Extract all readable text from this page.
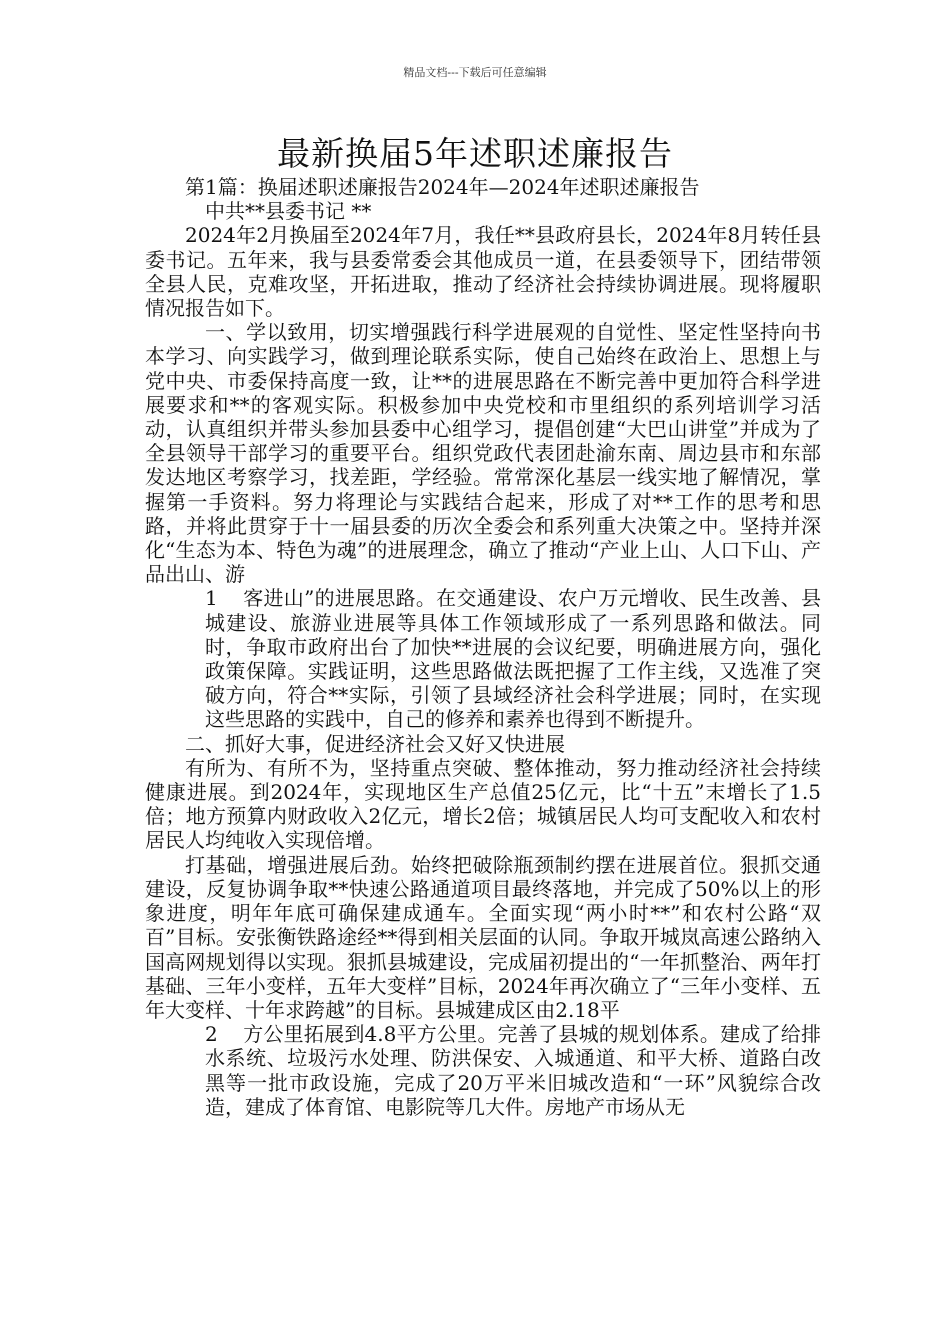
精品文档---下载后可任意编辑
最新换届5年述职述廉报告

第1篇：换届述职述廉报告2024年—2024年述职述廉报告

中共**县委书记 **

2024年2月换届至2024年7月，我任**县政府县长，2024年8月转任县委书记。五年来，我与县委常委会其他成员一道，在县委领导下，团结带领全县人民，克难攻坚，开拓进取，推动了经济社会持续协调进展。现将履职情况报告如下。

一、学以致用，切实增强践行科学进展观的自觉性、坚定性坚持向书本学习、向实践学习，做到理论联系实际，使自己始终在政治上、思想上与党中央、市委保持高度一致，让**的进展思路在不断完善中更加符合科学进展要求和**的客观实际。积极参加中央党校和市里组织的系列培训学习活动，认真组织并带头参加县委中心组学习，提倡创建“大巴山讲堂”并成为了全县领导干部学习的重要平台。组织党政代表团赴渝东南、周边县市和东部发达地区考察学习，找差距，学经验。常常深化基层一线实地了解情况，掌握第一手资料。努力将理论与实践结合起来，形成了对**工作的思考和思路，并将此贯穿于十一届县委的历次全委会和系列重大决策之中。坚持并深化“生态为本、特色为魂”的进展理念，确立了推动“产业上山、人口下山、产品出山、游

1 客进山”的进展思路。在交通建设、农户万元增收、民生改善、县城建设、旅游业进展等具体工作领域形成了一系列思路和做法。同时，争取市政府出台了加快**进展的会议纪要，明确进展方向，强化政策保障。实践证明，这些思路做法既把握了工作主线，又选准了突破方向，符合**实际，引领了县域经济社会科学进展；同时，在实现这些思路的实践中，自己的修养和素养也得到不断提升。

二、抓好大事，促进经济社会又好又快进展

有所为、有所不为，坚持重点突破、整体推动，努力推动经济社会持续健康进展。到2024年，实现地区生产总值25亿元，比“十五”末增长了1.5倍；地方预算内财政收入2亿元，增长2倍；城镇居民人均可支配收入和农村居民人均纯收入实现倍增。

打基础，增强进展后劲。始终把破除瓶颈制约摆在进展首位。狠抓交通建设，反复协调争取**快速公路通道项目最终落地，并完成了50%以上的形象进度，明年年底可确保建成通车。全面实现“两小时**”和农村公路“双百”目标。安张衡铁路途经**得到相关层面的认同。争取开城岚高速公路纳入国高网规划得以实现。狠抓县城建设，完成届初提出的“一年抓整治、两年打基础、三年小变样，五年大变样”目标，2024年再次确立了“三年小变样、五年大变样、十年求跨越”的目标。县城建成区由2.18平

2 方公里拓展到4.8平方公里。完善了县城的规划体系。建成了给排水系统、垃圾污水处理、防洪保安、入城通道、和平大桥、道路白改黑等一批市政设施，完成了20万平米旧城改造和“一环”风貌综合改造，建成了体育馆、电影院等几大件。房地产市场从无
